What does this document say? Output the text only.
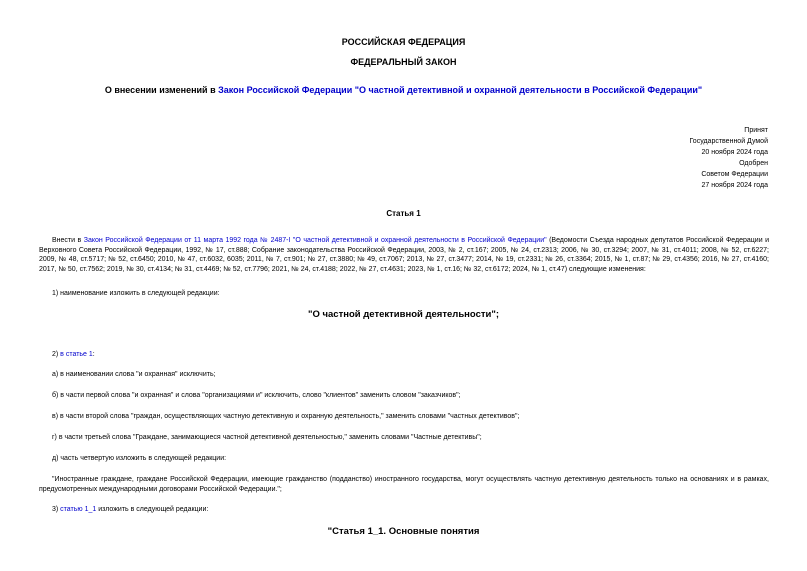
РОССИЙСКАЯ ФЕДЕРАЦИЯ
ФЕДЕРАЛЬНЫЙ ЗАКОН
О внесении изменений в Закон Российской Федерации "О частной детективной и охранной деятельности в Российской Федерации"
Принят
Государственной Думой
20 ноября 2024 года
Одобрен
Советом Федерации
27 ноября 2024 года
Статья 1
Внести в Закон Российской Федерации от 11 марта 1992 года № 2487-I "О частной детективной и охранной деятельности в Российской Федерации" (Ведомости Съезда народных депутатов Российской Федерации и Верховного Совета Российской Федерации, 1992, № 17, ст.888; Собрание законодательства Российской Федерации, 2003, № 2, ст.167; 2005, № 24, ст.2313; 2006, № 30, ст.3294; 2007, № 31, ст.4011; 2008, № 52, ст.6227; 2009, № 48, ст.5717; № 52, ст.6450; 2010, № 47, ст.6032, 6035; 2011, № 7, ст.901; № 27, ст.3880; № 49, ст.7067; 2013, № 27, ст.3477; 2014, № 19, ст.2331; № 26, ст.3364; 2015, № 1, ст.87; № 29, ст.4356; 2016, № 27, ст.4160; 2017, № 50, ст.7562; 2019, № 30, ст.4134; № 31, ст.4469; № 52, ст.7796; 2021, № 24, ст.4188; 2022, № 27, ст.4631; 2023, № 1, ст.16; № 32, ст.6172; 2024, № 1, ст.47) следующие изменения:
1) наименование изложить в следующей редакции:
"О частной детективной деятельности";
2) в статье 1:
а) в наименовании слова "и охранная" исключить;
б) в части первой слова "и охранная" и слова "организациями и" исключить, слово "клиентов" заменить словом "заказчиков";
в) в части второй слова "граждан, осуществляющих частную детективную и охранную деятельность," заменить словами "частных детективов";
г) в части третьей слова "Граждане, занимающиеся частной детективной деятельностью," заменить словами "Частные детективы";
д) часть четвертую изложить в следующей редакции:
"Иностранные граждане, граждане Российской Федерации, имеющие гражданство (подданство) иностранного государства, могут осуществлять частную детективную деятельность только на основаниях и в рамках, предусмотренных международными договорами Российской Федерации.";
3) статью 1_1 изложить в следующей редакции:
"Статья 1_1. Основные понятия
